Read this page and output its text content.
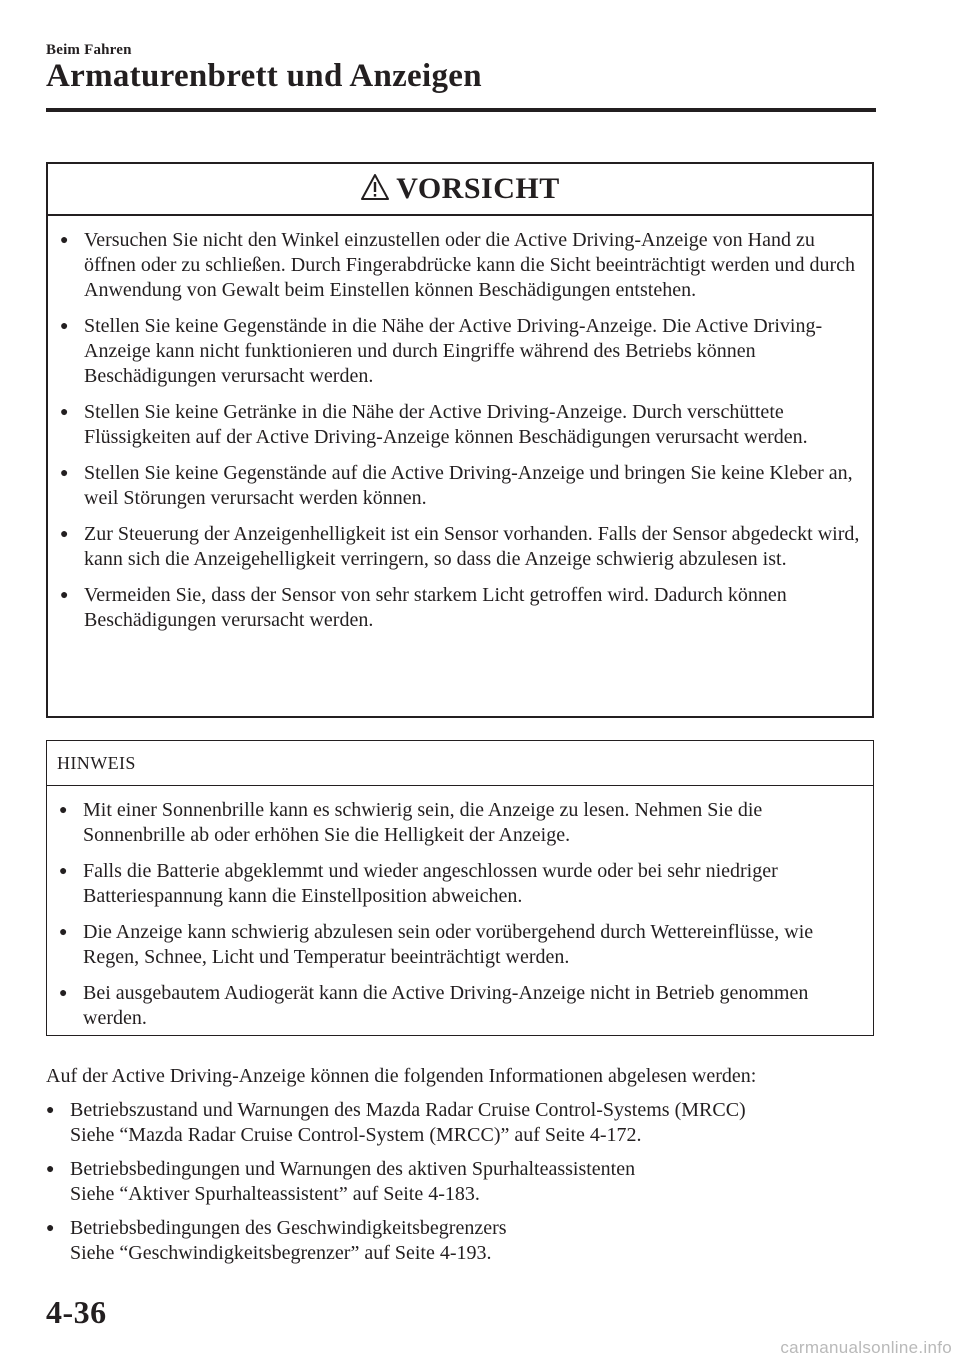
Beim Fahren
Armaturenbrett und Anzeigen
VORSICHT
● Versuchen Sie nicht den Winkel einzustellen oder die Active Driving-Anzeige von Hand zu öffnen oder zu schließen. Durch Fingerabdrücke kann die Sicht beeinträchtigt werden und durch Anwendung von Gewalt beim Einstellen können Beschädigungen entstehen.
● Stellen Sie keine Gegenstände in die Nähe der Active Driving-Anzeige. Die Active Driving-Anzeige kann nicht funktionieren und durch Eingriffe während des Betriebs können Beschädigungen verursacht werden.
● Stellen Sie keine Getränke in die Nähe der Active Driving-Anzeige. Durch verschüttete Flüssigkeiten auf der Active Driving-Anzeige können Beschädigungen verursacht werden.
● Stellen Sie keine Gegenstände auf die Active Driving-Anzeige und bringen Sie keine Kleber an, weil Störungen verursacht werden können.
● Zur Steuerung der Anzeigenhelligkeit ist ein Sensor vorhanden. Falls der Sensor abgedeckt wird, kann sich die Anzeigehelligkeit verringern, so dass die Anzeige schwierig abzulesen ist.
● Vermeiden Sie, dass der Sensor von sehr starkem Licht getroffen wird. Dadurch können Beschädigungen verursacht werden.
HINWEIS
● Mit einer Sonnenbrille kann es schwierig sein, die Anzeige zu lesen. Nehmen Sie die Sonnenbrille ab oder erhöhen Sie die Helligkeit der Anzeige.
● Falls die Batterie abgeklemmt und wieder angeschlossen wurde oder bei sehr niedriger Batteriespannung kann die Einstellposition abweichen.
● Die Anzeige kann schwierig abzulesen sein oder vorübergehend durch Wettereinflüsse, wie Regen, Schnee, Licht und Temperatur beeinträchtigt werden.
● Bei ausgebautem Audiogerät kann die Active Driving-Anzeige nicht in Betrieb genommen werden.
Auf der Active Driving-Anzeige können die folgenden Informationen abgelesen werden:
● Betriebszustand und Warnungen des Mazda Radar Cruise Control-Systems (MRCC)
Siehe “Mazda Radar Cruise Control-System (MRCC)” auf Seite 4-172.
● Betriebsbedingungen und Warnungen des aktiven Spurhalteassistenten
Siehe “Aktiver Spurhalteassistent” auf Seite 4-183.
● Betriebsbedingungen des Geschwindigkeitsbegrenzers
Siehe “Geschwindigkeitsbegrenzer” auf Seite 4-193.
4-36
carmanualsonline.info
